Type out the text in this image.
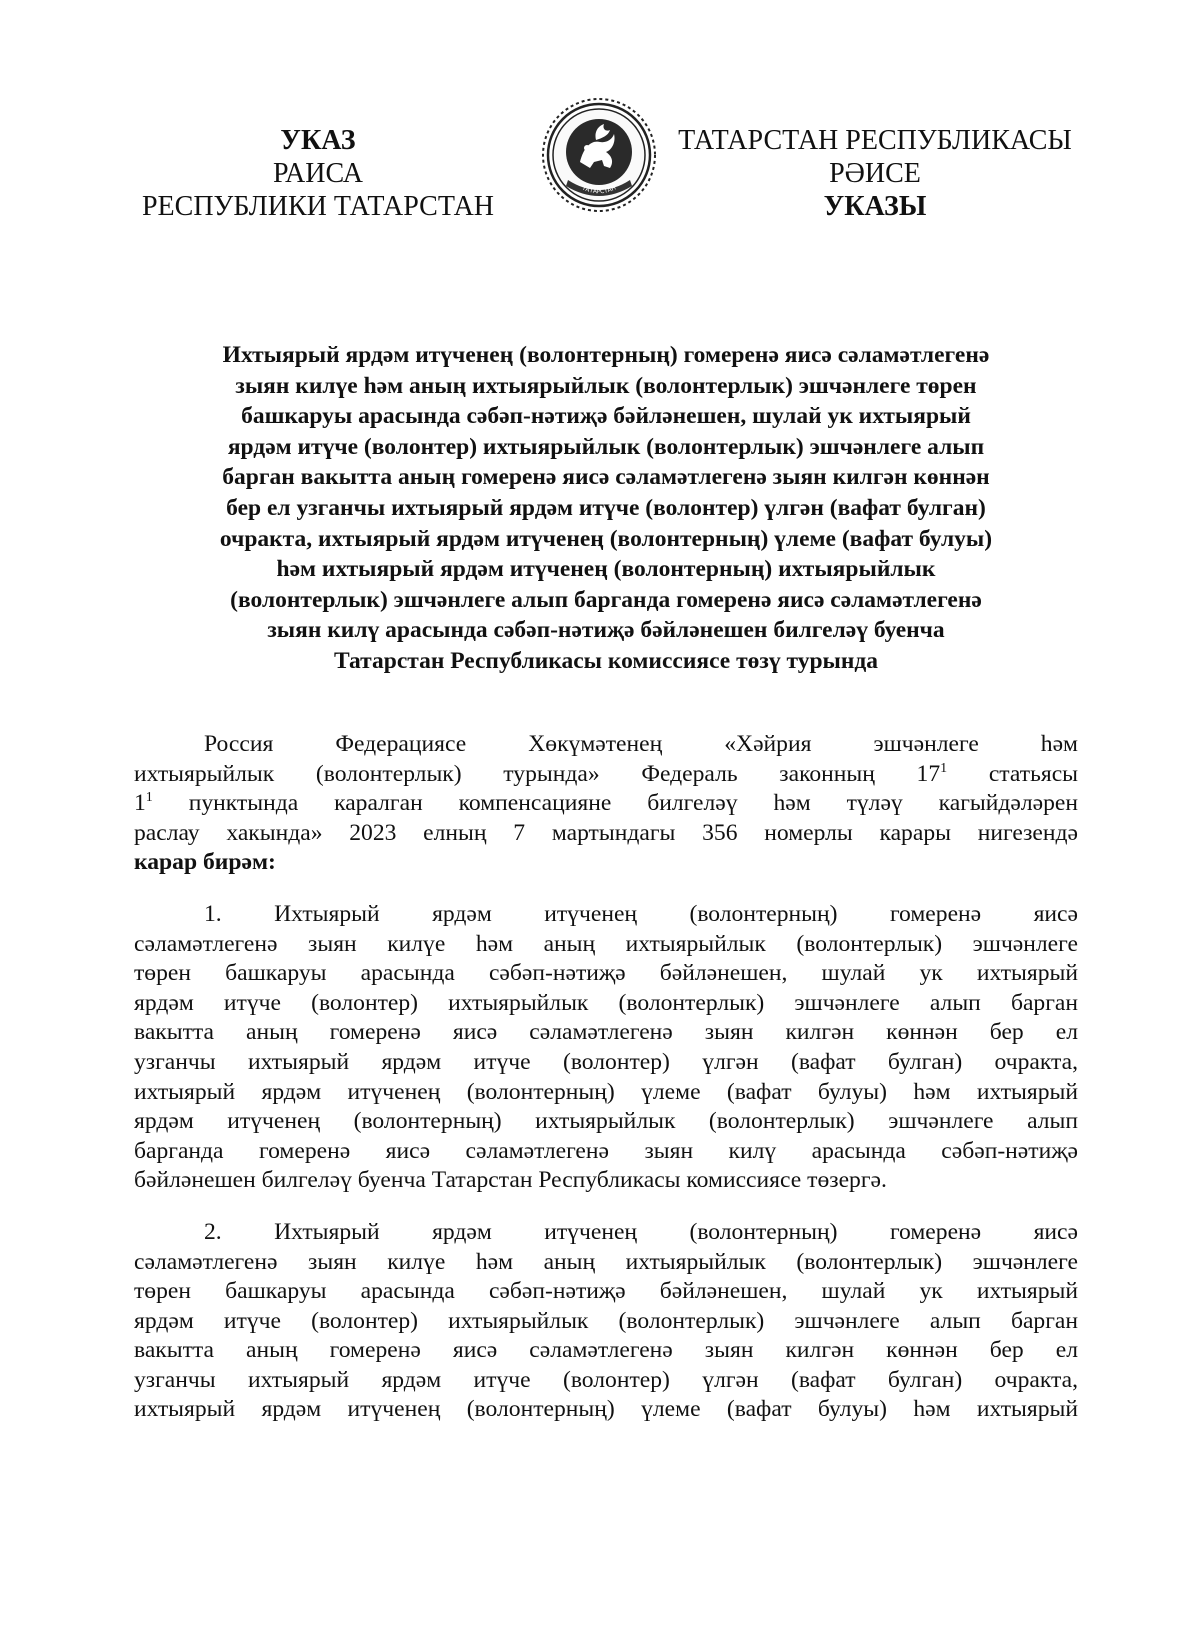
УКАЗ
РАИСА
РЕСПУБЛИКИ ТАТАРСТАН
ТАТАРСТАН
ТАТАРСТАН РЕСПУБЛИКАСЫ
РӘИСЕ
УКАЗЫ
Ихтыярый ярдәм итүченең (волонтерның) гомеренә яисә сәламәтлегенә
зыян килүе һәм аның ихтыярыйлык (волонтерлык) эшчәнлеге төрен
башкаруы арасында сәбәп-нәтиҗә бәйләнешен, шулай ук ихтыярый
ярдәм итүче (волонтер) ихтыярыйлык (волонтерлык) эшчәнлеге алып
барган вакытта аның гомеренә яисә сәламәтлегенә зыян килгән көннән
бер ел узганчы ихтыярый ярдәм итүче (волонтер) үлгән (вафат булган)
очракта, ихтыярый ярдәм итүченең (волонтерның) үлеме (вафат булуы)
һәм ихтыярый ярдәм итүченең (волонтерның) ихтыярыйлык
(волонтерлык) эшчәнлеге алып барганда гомеренә яисә сәламәтлегенә
зыян килү арасында сәбәп-нәтиҗә бәйләнешен билгеләү буенча
Татарстан Республикасы комиссиясе төзү турында
Россия Федерациясе Хөкүмәтенең «Хәйрия эшчәнлеге һәм
ихтыярыйлык (волонтерлык) турында» Федераль законның $17^1$ статьясы
$1^1$ пунктында каралган компенсацияне билгеләү һәм түләү кагыйдәләрен
раслау хакында» 2023 елның 7 мартындагы 356 номерлы карары нигезендә
карар бирәм:
1. Ихтыярый ярдәм итүченең (волонтерның) гомеренә яисә
сәламәтлегенә зыян килүе һәм аның ихтыярыйлык (волонтерлык) эшчәнлеге
төрен башкаруы арасында сәбәп-нәтиҗә бәйләнешен, шулай ук ихтыярый
ярдәм итүче (волонтер) ихтыярыйлык (волонтерлык) эшчәнлеге алып барган
вакытта аның гомеренә яисә сәламәтлегенә зыян килгән көннән бер ел
узганчы ихтыярый ярдәм итүче (волонтер) үлгән (вафат булган) очракта,
ихтыярый ярдәм итүченең (волонтерның) үлеме (вафат булуы) һәм ихтыярый
ярдәм итүченең (волонтерның) ихтыярыйлык (волонтерлык) эшчәнлеге алып
барганда гомеренә яисә сәламәтлегенә зыян килү арасында сәбәп-нәтиҗә
бәйләнешен билгеләү буенча Татарстан Республикасы комиссиясе төзергә.
2. Ихтыярый ярдәм итүченең (волонтерның) гомеренә яисә
сәламәтлегенә зыян килүе һәм аның ихтыярыйлык (волонтерлык) эшчәнлеге
төрен башкаруы арасында сәбәп-нәтиҗә бәйләнешен, шулай ук ихтыярый
ярдәм итүче (волонтер) ихтыярыйлык (волонтерлык) эшчәнлеге алып барган
вакытта аның гомеренә яисә сәламәтлегенә зыян килгән көннән бер ел
узганчы ихтыярый ярдәм итүче (волонтер) үлгән (вафат булган) очракта,
ихтыярый ярдәм итүченең (волонтерның) үлеме (вафат булуы) һәм ихтыярый
